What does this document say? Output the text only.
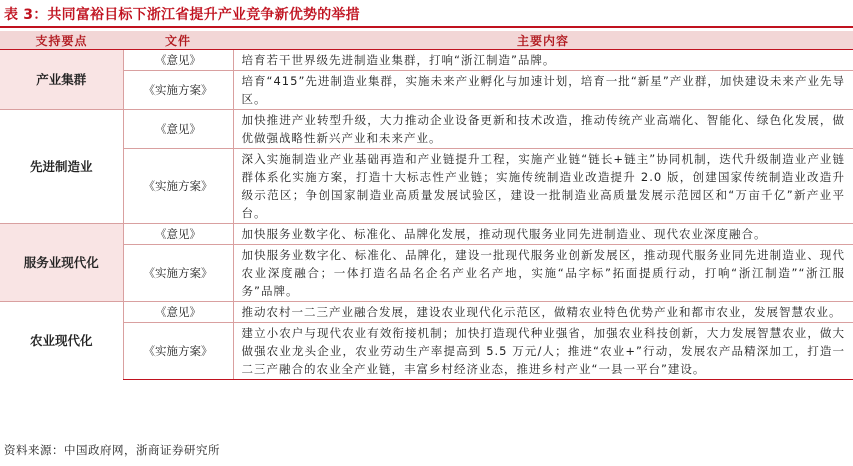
表 3：共同富裕目标下浙江省提升产业竞争新优势的举措
支持要点	文件	主要内容
产业集群	《意见》	培育若干世界级先进制造业集群，打响“浙江制造”品牌。
	《实施方案》	培育“415”先进制造业集群，实施未来产业孵化与加速计划，培育一批“新星”产业群，加快建设未来产业先导区。
先进制造业	《意见》	加快推进产业转型升级，大力推动企业设备更新和技术改造，推动传统产业高端化、智能化、绿色化发展，做优做强战略性新兴产业和未来产业。
	《实施方案》	深入实施制造业产业基础再造和产业链提升工程，实施产业链“链长+链主”协同机制，迭代升级制造业产业链群体系化实施方案，打造十大标志性产业链；实施传统制造业改造提升 2.0 版，创建国家传统制造业改造升级示范区；争创国家制造业高质量发展试验区，建设一批制造业高质量发展示范园区和“万亩千亿”新产业平台。
服务业现代化	《意见》	加快服务业数字化、标准化、品牌化发展，推动现代服务业同先进制造业、现代农业深度融合。
	《实施方案》	加快服务业数字化、标准化、品牌化，建设一批现代服务业创新发展区，推动现代服务业同先进制造业、现代农业深度融合；一体打造名品名企名产业名产地，实施“品字标”拓面提质行动，打响“浙江制造”“浙江服务”品牌。
农业现代化	《意见》	推动农村一二三产业融合发展，建设农业现代化示范区，做精农业特色优势产业和都市农业，发展智慧农业。
	《实施方案》	建立小农户与现代农业有效衔接机制；加快打造现代种业强省，加强农业科技创新，大力发展智慧农业，做大做强农业龙头企业，农业劳动生产率提高到 5.5 万元/人；推进“农业+”行动，发展农产品精深加工，打造一二三产融合的农业全产业链，丰富乡村经济业态，推进乡村产业“一县一平台”建设。
资料来源：中国政府网，浙商证券研究所
